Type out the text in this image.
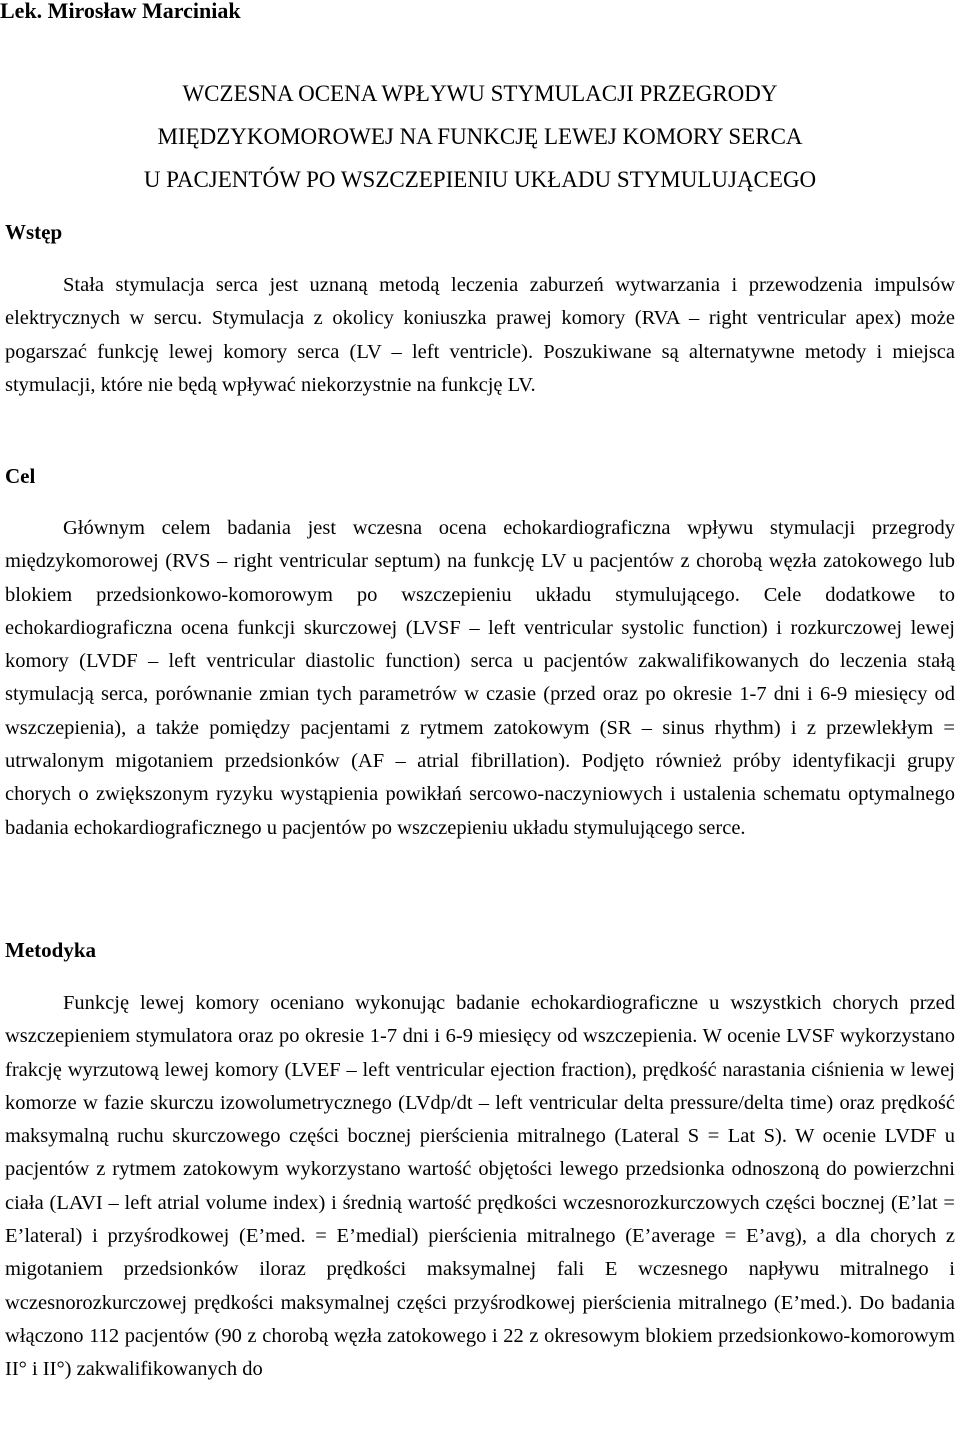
Lek. Mirosław Marciniak
WCZESNA OCENA WPŁYWU STYMULACJI PRZEGRODY
MIĘDZYKOMOROWEJ NA FUNKCJĘ LEWEJ KOMORY SERCA
U PACJENTÓW PO WSZCZEPIENIU UKŁADU STYMULUJĄCEGO
Wstęp

Stała stymulacja serca jest uznaną metodą leczenia zaburzeń wytwarzania i przewodzenia impulsów elektrycznych w sercu. Stymulacja z okolicy koniuszka prawej komory (RVA – right ventricular apex) może pogarszać funkcję lewej komory serca (LV – left ventricle). Poszukiwane są alternatywne metody i miejsca stymulacji, które nie będą wpływać niekorzystnie na funkcję LV.

Cel

Głównym celem badania jest wczesna ocena echokardiograficzna wpływu stymulacji przegrody międzykomorowej (RVS – right ventricular septum) na funkcję LV u pacjentów z chorobą węzła zatokowego lub blokiem przedsionkowo-komorowym po wszczepieniu układu stymulującego. Cele dodatkowe to echokardiograficzna ocena funkcji skurczowej (LVSF – left ventricular systolic function) i rozkurczowej lewej komory (LVDF – left ventricular diastolic function) serca u pacjentów zakwalifikowanych do leczenia stałą stymulacją serca, porównanie zmian tych parametrów w czasie (przed oraz po okresie 1-7 dni i 6-9 miesięcy od wszczepienia), a także pomiędzy pacjentami z rytmem zatokowym (SR – sinus rhythm) i z przewlekłym = utrwalonym migotaniem przedsionków (AF – atrial fibrillation). Podjęto również próby identyfikacji grupy chorych o zwiększonym ryzyku wystąpienia powikłań sercowo-naczyniowych i ustalenia schematu optymalnego badania echokardiograficznego u pacjentów po wszczepieniu układu stymulującego serce.

Metodyka

Funkcję lewej komory oceniano wykonując badanie echokardiograficzne u wszystkich chorych przed wszczepieniem stymulatora oraz po okresie 1-7 dni i 6-9 miesięcy od wszczepienia. W ocenie LVSF wykorzystano frakcję wyrzutową lewej komory (LVEF – left ventricular ejection fraction), prędkość narastania ciśnienia w lewej komorze w fazie skurczu izowolumetrycznego (LVdp/dt – left ventricular delta pressure/delta time) oraz prędkość maksymalną ruchu skurczowego części bocznej pierścienia mitralnego (Lateral S = Lat S). W ocenie LVDF u pacjentów z rytmem zatokowym wykorzystano wartość objętości lewego przedsionka odnoszoną do powierzchni ciała (LAVI – left atrial volume index) i średnią wartość prędkości wczesnorozkurczowych części bocznej (E’lat = E’lateral) i przyśrodkowej (E’med. = E’medial) pierścienia mitralnego (E’average = E’avg), a dla chorych z migotaniem przedsionków iloraz prędkości maksymalnej fali E wczesnego napływu mitralnego i wczesnorozkurczowej prędkości maksymalnej części przyśrodkowej pierścienia mitralnego (E’med.). Do badania włączono 112 pacjentów (90 z chorobą węzła zatokowego i 22 z okresowym blokiem przedsionkowo-komorowym II° i II°) zakwalifikowanych do
